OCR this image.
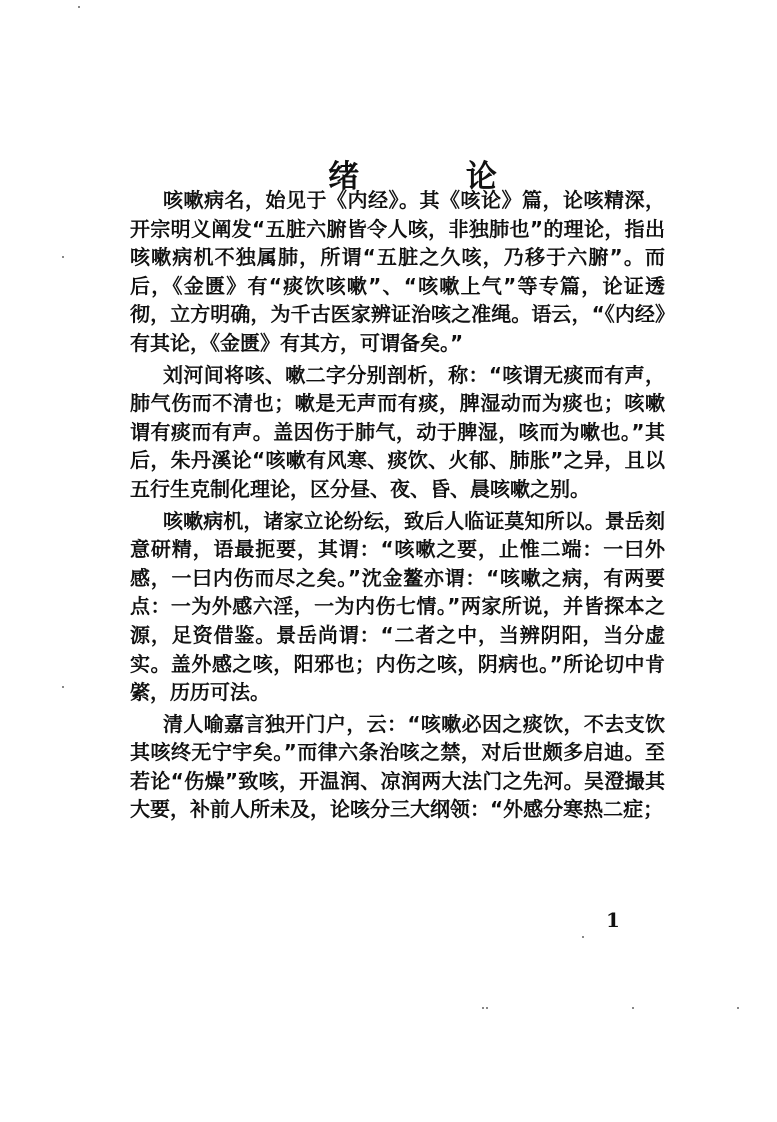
绪 论

咳嗽病名，始见于《内经》。其《咳论》篇，论咳精深，开宗明义阐发“五脏六腑皆令人咳，非独肺也”的理论，指出咳嗽病机不独属肺，所谓“五脏之久咳，乃移于六腑”。而后，《金匮》有“痰饮咳嗽”、“咳嗽上气”等专篇，论证透彻，立方明确，为千古医家辨证治咳之准绳。语云，“《内经》有其论，《金匮》有其方，可谓备矣。”

刘河间将咳、嗽二字分别剖析，称：“咳谓无痰而有声，肺气伤而不清也；嗽是无声而有痰，脾湿动而为痰也；咳嗽谓有痰而有声。盖因伤于肺气，动于脾湿，咳而为嗽也。”其后，朱丹溪论“咳嗽有风寒、痰饮、火郁、肺胀”之异，且以五行生克制化理论，区分昼、夜、昏、晨咳嗽之别。

咳嗽病机，诸家立论纷纭，致后人临证莫知所以。景岳刻意研精，语最扼要，其谓：“咳嗽之要，止惟二端：一曰外感，一曰内伤而尽之矣。”沈金鳌亦谓：“咳嗽之病，有两要点：一为外感六淫，一为内伤七情。”两家所说，并皆探本之源，足资借鉴。景岳尚谓：“二者之中，当辨阴阳，当分虚实。盖外感之咳，阳邪也；内伤之咳，阴病也。”所论切中肯綮，历历可法。

清人喻嘉言独开门户，云：“咳嗽必因之痰饮，不去支饮其咳终无宁宇矣。”而律六条治咳之禁，对后世颇多启迪。至若论“伤燥”致咳，开温润、凉润两大法门之先河。吴澄撮其大要，补前人所未及，论咳分三大纲领：“外感分寒热二症；

1
